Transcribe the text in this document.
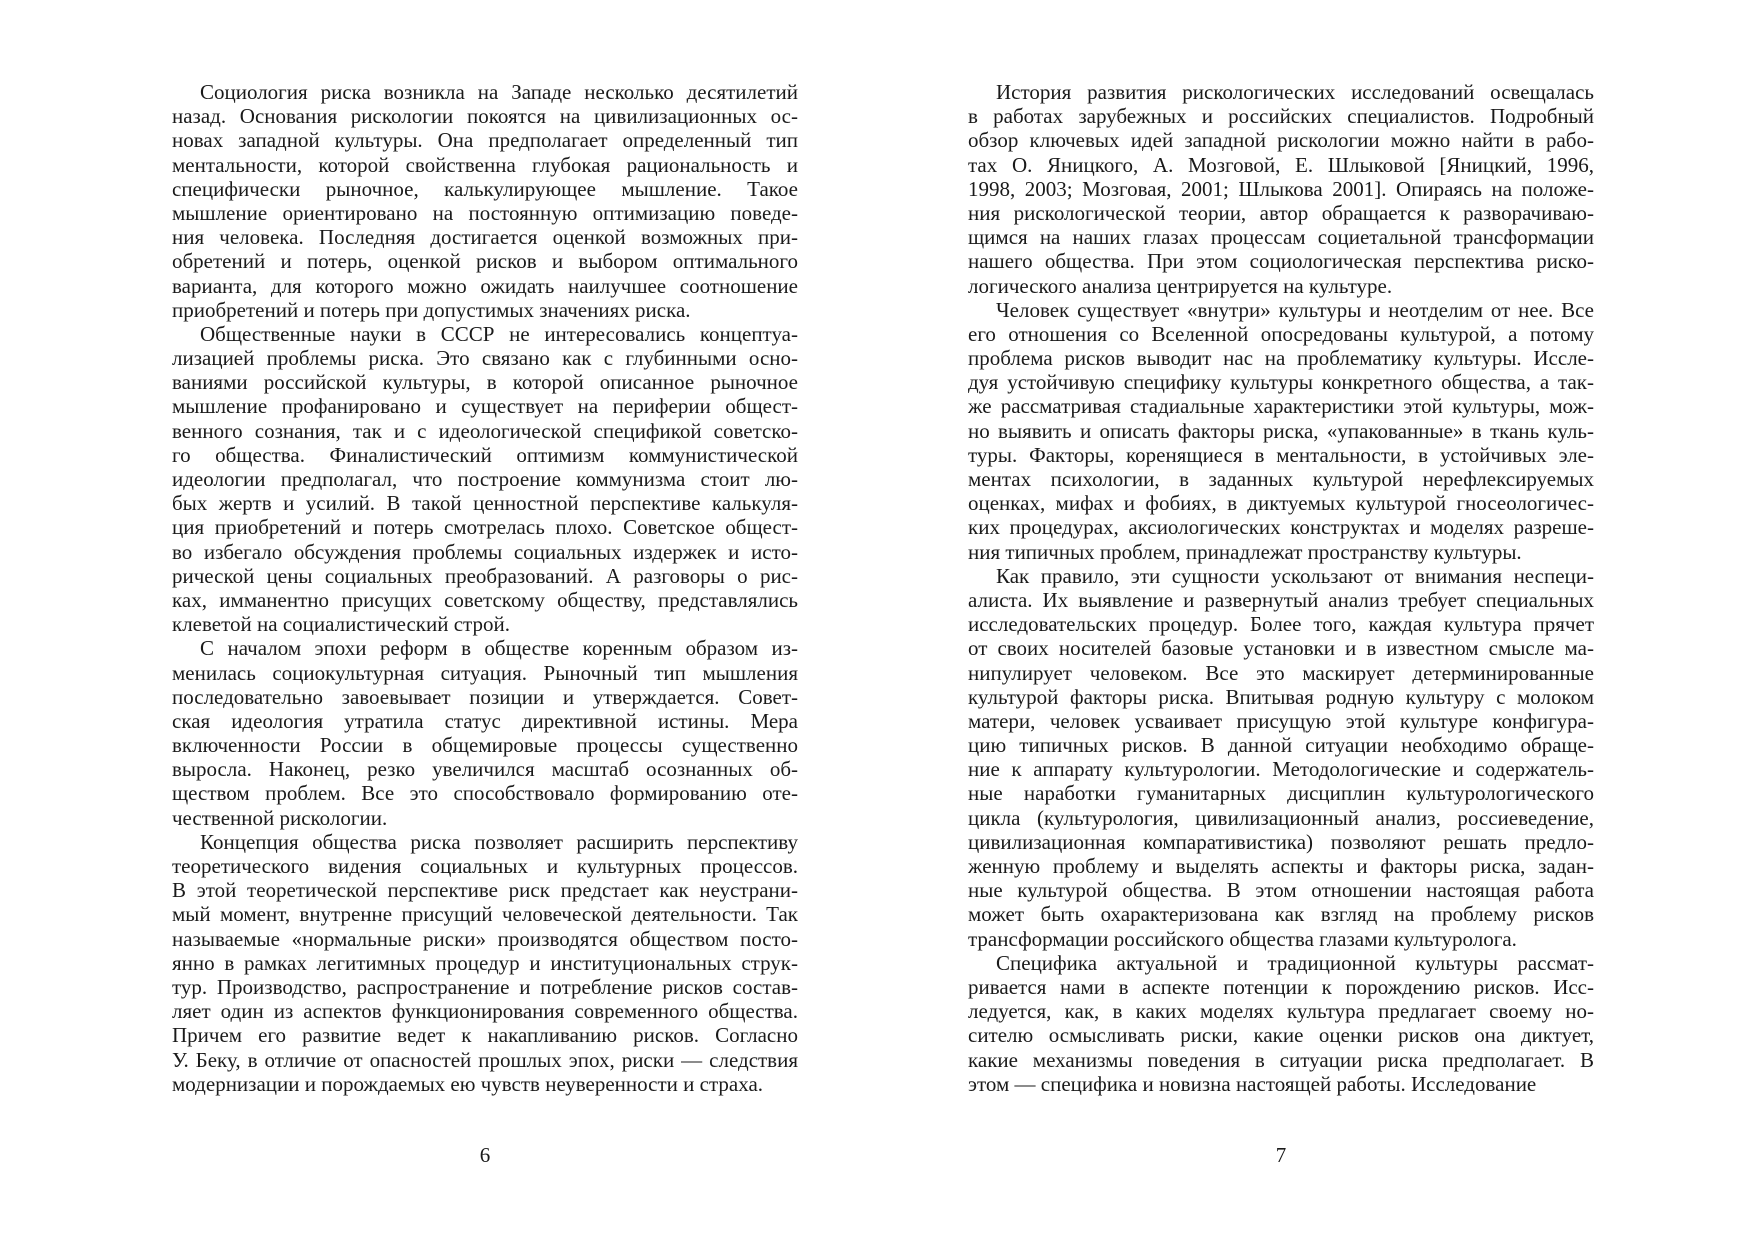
Социология риска возникла на Западе несколько десятилетий
назад. Основания рискологии покоятся на цивилизационных ос-
новах западной культуры. Она предполагает определенный тип
ментальности, которой свойственна глубокая рациональность и
специфически рыночное, калькулирующее мышление. Такое
мышление ориентировано на постоянную оптимизацию поведе-
ния человека. Последняя достигается оценкой возможных при-
обретений и потерь, оценкой рисков и выбором оптимального
варианта, для которого можно ожидать наилучшее соотношение
приобретений и потерь при допустимых значениях риска.
Общественные науки в СССР не интересовались концептуа-
лизацией проблемы риска. Это связано как с глубинными осно-
ваниями российской культуры, в которой описанное рыночное
мышление профанировано и существует на периферии общест-
венного сознания, так и с идеологической спецификой советско-
го общества. Финалистический оптимизм коммунистической
идеологии предполагал, что построение коммунизма стоит лю-
бых жертв и усилий. В такой ценностной перспективе калькуля-
ция приобретений и потерь смотрелась плохо. Советское общест-
во избегало обсуждения проблемы социальных издержек и исто-
рической цены социальных преобразований. А разговоры о рис-
ках, имманентно присущих советскому обществу, представлялись
клеветой на социалистический строй.
С началом эпохи реформ в обществе коренным образом из-
менилась социокультурная ситуация. Рыночный тип мышления
последовательно завоевывает позиции и утверждается. Совет-
ская идеология утратила статус директивной истины. Мера
включенности России в общемировые процессы существенно
выросла. Наконец, резко увеличился масштаб осознанных об-
ществом проблем. Все это способствовало формированию оте-
чественной рискологии.
Концепция общества риска позволяет расширить перспективу
теоретического видения социальных и культурных процессов.
В этой теоретической перспективе риск предстает как неустрани-
мый момент, внутренне присущий человеческой деятельности. Так
называемые «нормальные риски» производятся обществом посто-
янно в рамках легитимных процедур и институциональных струк-
тур. Производство, распространение и потребление рисков состав-
ляет один из аспектов функционирования современного общества.
Причем его развитие ведет к накапливанию рисков. Согласно
У. Беку, в отличие от опасностей прошлых эпох, риски — следствия
модернизации и порождаемых ею чувств неуверенности и страха.
6
История развития рискологических исследований освещалась
в работах зарубежных и российских специалистов. Подробный
обзор ключевых идей западной рискологии можно найти в рабо-
тах О. Яницкого, А. Мозговой, Е. Шлыковой [Яницкий, 1996,
1998, 2003; Мозговая, 2001; Шлыкова 2001]. Опираясь на положе-
ния рискологической теории, автор обращается к разворачиваю-
щимся на наших глазах процессам социетальной трансформации
нашего общества. При этом социологическая перспектива риско-
логического анализа центрируется на культуре.
Человек существует «внутри» культуры и неотделим от нее. Все
его отношения со Вселенной опосредованы культурой, а потому
проблема рисков выводит нас на проблематику культуры. Иссле-
дуя устойчивую специфику культуры конкретного общества, а так-
же рассматривая стадиальные характеристики этой культуры, мож-
но выявить и описать факторы риска, «упакованные» в ткань куль-
туры. Факторы, коренящиеся в ментальности, в устойчивых эле-
ментах психологии, в заданных культурой нерефлексируемых
оценках, мифах и фобиях, в диктуемых культурой гносеологичес-
ких процедурах, аксиологических конструктах и моделях разреше-
ния типичных проблем, принадлежат пространству культуры.
Как правило, эти сущности ускользают от внимания неспеци-
алиста. Их выявление и развернутый анализ требует специальных
исследовательских процедур. Более того, каждая культура прячет
от своих носителей базовые установки и в известном смысле ма-
нипулирует человеком. Все это маскирует детерминированные
культурой факторы риска. Впитывая родную культуру с молоком
матери, человек усваивает присущую этой культуре конфигура-
цию типичных рисков. В данной ситуации необходимо обраще-
ние к аппарату культурологии. Методологические и содержатель-
ные наработки гуманитарных дисциплин культурологического
цикла (культурология, цивилизационный анализ, россиеведение,
цивилизационная компаративистика) позволяют решать предло-
женную проблему и выделять аспекты и факторы риска, задан-
ные культурой общества. В этом отношении настоящая работа
может быть охарактеризована как взгляд на проблему рисков
трансформации российского общества глазами культуролога.
Специфика актуальной и традиционной культуры рассмат-
ривается нами в аспекте потенции к порождению рисков. Исс-
ледуется, как, в каких моделях культура предлагает своему но-
сителю осмысливать риски, какие оценки рисков она диктует,
какие механизмы поведения в ситуации риска предполагает. В
этом — специфика и новизна настоящей работы. Исследование
7
